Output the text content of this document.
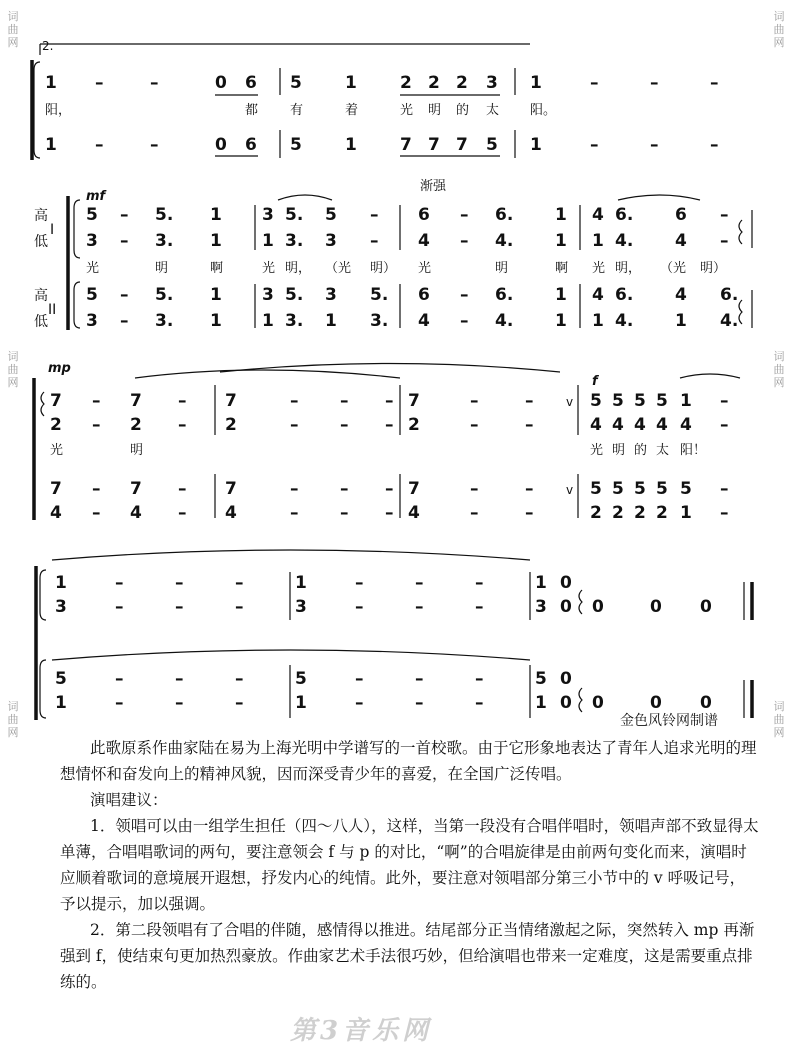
2.
1 –	–	0 6 5	1	2 2 2 3 1	–	–	–
阳，	都 有	着	光 明 的 太 阳。
1 –	–	0 6 5	1	7 7 7 5 1	–	–	–
mf
渐强
高
低
I
高
低
II
5 – 5. 1 3 5. 5 – 6 – 6. 1 4 6. 6 –
3 – 3. 1 1 3. 3 – 4 – 4. 1 1 4. 4 –
光	明	啊	光 明， （光 明） 光	明	啊 光 明， （光 明）
5 – 5. 1 3 5. 3 5. 6 – 6. 1 4 6. 4 6.
3 – 3. 1 1 3. 1 3. 4 – 4. 1 1 4. 1 4.
mp
f
7 – 7 – 7	– – – 7	–	–	5 5 5 5 1 –
2 – 2 – 2	– – – 2	–	–	4 4 4 4 4 –
光	明	光 明 的 太 阳！
7 – 7 – 7	– – – 7	–	–	5 5 5 5 5 –
4 – 4 – 4	– – – 4	–	–	2 2 2 2 1 –
v
v
1	–	–	–	1	–	–	–	1 0
3	–	–	–	3	–	–	–	3 0 0	0 0
5	–	–	–	5	–	–	–	5 0
1	–	–	–	1	–	–	–	1 0 0	0 0
金色风铃网制谱

此歌原系作曲家陆在易为上海光明中学谱写的一首校歌。由于它形象地表达了青年人追求光明的理想情怀和奋发向上的精神风貌，因而深受青少年的喜爱，在全国广泛传唱。

演唱建议：

1．领唱可以由一组学生担任（四～八人），这样，当第一段没有合唱伴唱时，领唱声部不致显得太单薄，合唱唱歌词的两句，要注意领会 f 与 p 的对比，“啊”的合唱旋律是由前两句变化而来，演唱时应顺着歌词的意境展开遐想，抒发内心的纯情。此外，要注意对领唱部分第三小节中的 v 呼吸记号，予以提示，加以强调。

2．第二段领唱有了合唱的伴随，感情得以推进。结尾部分正当情绪激起之际，突然转入 mp 再渐强到 f，使结束句更加热烈豪放。作曲家艺术手法很巧妙，但给演唱也带来一定难度，这是需要重点排练的。

词曲网
词曲网
词曲网
词曲网
词曲网
词曲网
第3音乐网
